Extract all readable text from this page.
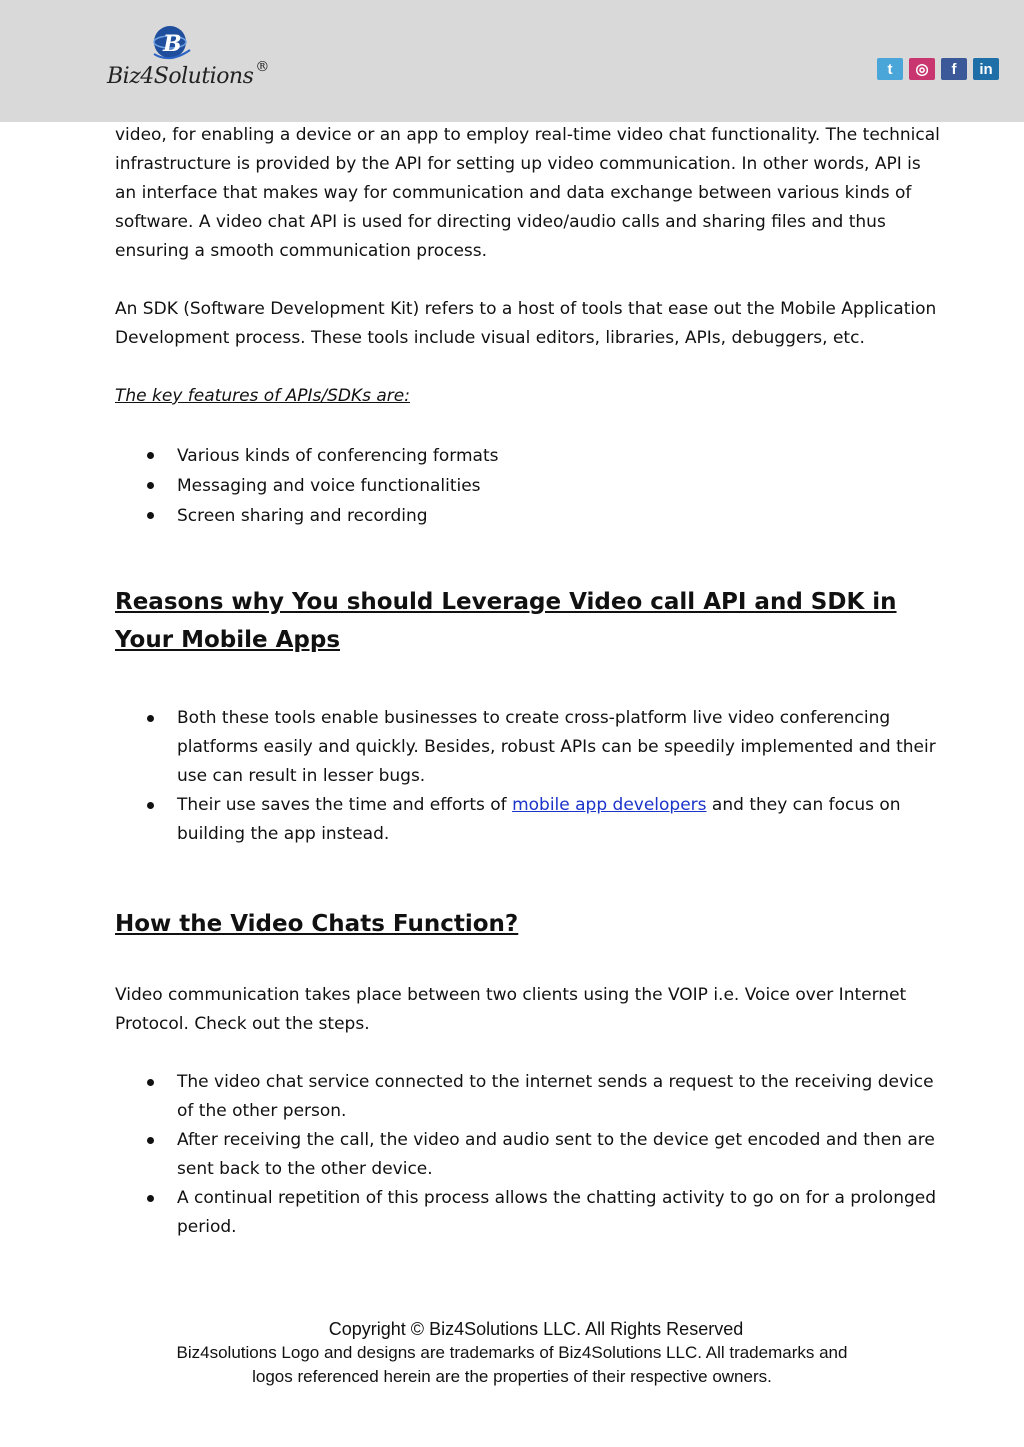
B
Biz4Solutions ®	t	◎	f	in

video, for enabling a device or an app to employ real-time video chat functionality. The technical infrastructure is provided by the API for setting up video communication. In other words, API is an interface that makes way for communication and data exchange between various kinds of software. A video chat API is used for directing video/audio calls and sharing files and thus ensuring a smooth communication process.

An SDK (Software Development Kit) refers to a host of tools that ease out the Mobile Application Development process. These tools include visual editors, libraries, APIs, debuggers, etc.

The key features of APIs/SDKs are:

Various kinds of conferencing formats
Messaging and voice functionalities
Screen sharing and recording
Reasons why You should Leverage Video call API and SDK in Your Mobile Apps
Both these tools enable businesses to create cross-platform live video conferencing platforms easily and quickly. Besides, robust APIs can be speedily implemented and their use can result in lesser bugs.
Their use saves the time and efforts of mobile app developers and they can focus on building the app instead.
How the Video Chats Function?

Video communication takes place between two clients using the VOIP i.e. Voice over Internet Protocol. Check out the steps.

The video chat service connected to the internet sends a request to the receiving device of the other person.
After receiving the call, the video and audio sent to the device get encoded and then are sent back to the other device.
A continual repetition of this process allows the chatting activity to go on for a prolonged period.
Copyright © Biz4Solutions LLC. All Rights Reserved
Biz4solutions Logo and designs are trademarks of Biz4Solutions LLC. All trademarks and
logos referenced herein are the properties of their respective owners.
